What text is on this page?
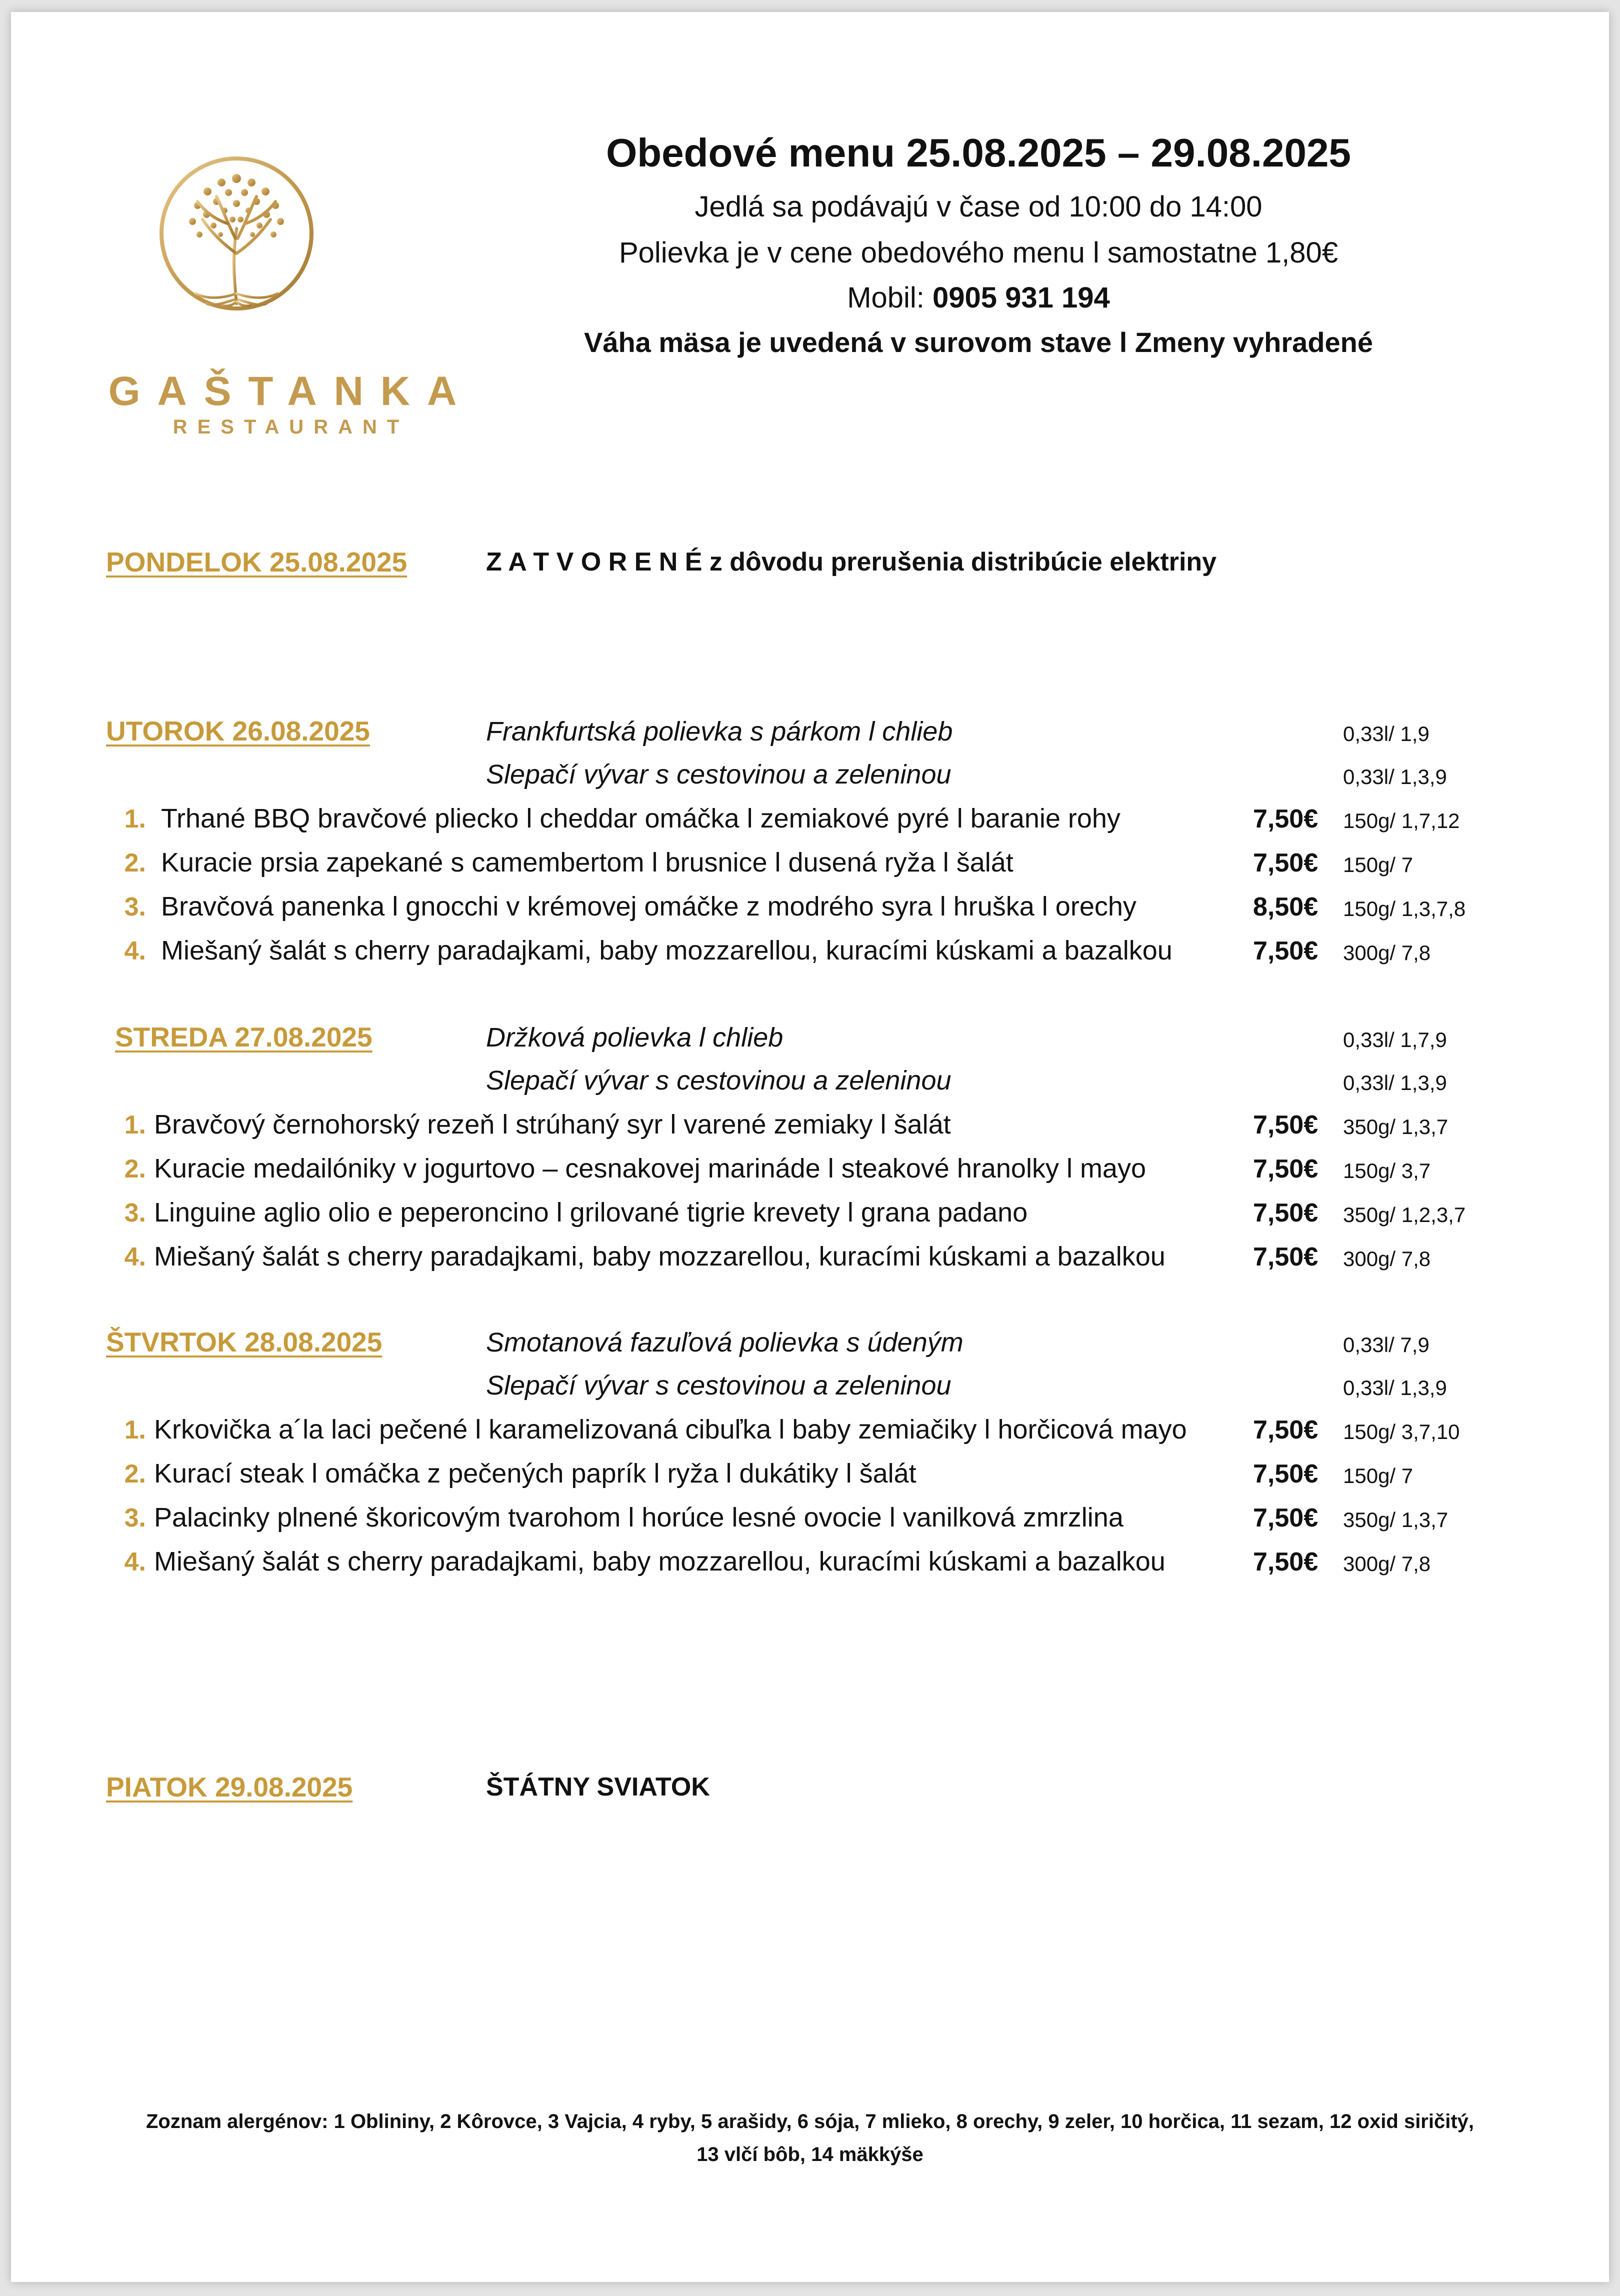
GAŠTANKA
RESTAURANT
Obedové menu 25.08.2025 – 29.08.2025
Jedlá sa podávajú v čase od 10:00 do 14:00
Polievka je v cene obedového menu l samostatne 1,80€
Mobil: 0905 931 194
Váha mäsa je uvedená v surovom stave l Zmeny vyhradené
PONDELOK 25.08.2025	Z A T V O R E N É z dôvodu prerušenia distribúcie elektriny
UTOROK 26.08.2025	Frankfurtská polievka s párkom l chlieb	0,33l/ 1,9
Slepačí vývar s cestovinou a zeleninou	0,33l/ 1,3,9
1. Trhané BBQ bravčové pliecko l cheddar omáčka l zemiakové pyré l baranie rohy	7,50€ 150g/ 1,7,12
2. Kuracie prsia zapekané s camembertom l brusnice l dusená ryža l šalát	7,50€ 150g/ 7
3. Bravčová panenka l gnocchi v krémovej omáčke z modrého syra l hruška l orechy	8,50€ 150g/ 1,3,7,8
4. Miešaný šalát s cherry paradajkami, baby mozzarellou, kuracími kúskami a bazalkou	7,50€ 300g/ 7,8
STREDA 27.08.2025	Držková polievka l chlieb	0,33l/ 1,7,9
Slepačí vývar s cestovinou a zeleninou	0,33l/ 1,3,9
1. Bravčový černohorský rezeň l strúhaný syr l varené zemiaky l šalát	7,50€ 350g/ 1,3,7
2. Kuracie medailóniky v jogurtovo – cesnakovej marináde l steakové hranolky l mayo	7,50€ 150g/ 3,7
3. Linguine aglio olio e peperoncino l grilované tigrie krevety l grana padano	7,50€ 350g/ 1,2,3,7
4. Miešaný šalát s cherry paradajkami, baby mozzarellou, kuracími kúskami a bazalkou	7,50€ 300g/ 7,8
ŠTVRTOK 28.08.2025	Smotanová fazuľová polievka s údeným	0,33l/ 7,9
Slepačí vývar s cestovinou a zeleninou	0,33l/ 1,3,9
1. Krkovička a´la laci pečené l karamelizovaná cibuľka l baby zemiačiky l horčicová mayo	7,50€ 150g/ 3,7,10
2. Kurací steak l omáčka z pečených paprík l ryža l dukátiky l šalát	7,50€ 150g/ 7
3. Palacinky plnené škoricovým tvarohom l horúce lesné ovocie l vanilková zmrzlina	7,50€ 350g/ 1,3,7
4. Miešaný šalát s cherry paradajkami, baby mozzarellou, kuracími kúskami a bazalkou	7,50€ 300g/ 7,8
PIATOK 29.08.2025	ŠTÁTNY SVIATOK
Zoznam alergénov: 1 Oblininy, 2 Kôrovce, 3 Vajcia, 4 ryby, 5 arašidy, 6 sója, 7 mlieko, 8 orechy, 9 zeler, 10 horčica, 11 sezam, 12 oxid siričitý,
13 vlčí bôb, 14 mäkkýše
